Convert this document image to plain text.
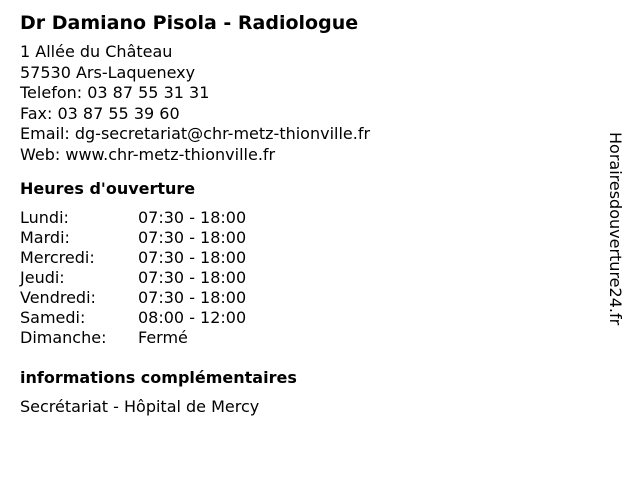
Dr Damiano Pisola - Radiologue
1 Allée du Château
57530 Ars-Laquenexy
Telefon: 03 87 55 31 31
Fax: 03 87 55 39 60
Email: dg-secretariat@chr-metz-thionville.fr
Web: www.chr-metz-thionville.fr
Heures d'ouverture
Lundi:	07:30 - 18:00
Mardi:	07:30 - 18:00
Mercredi:	07:30 - 18:00
Jeudi:	07:30 - 18:00
Vendredi:	07:30 - 18:00
Samedi:	08:00 - 12:00
Dimanche:	Fermé
informations complémentaires
Secrétariat - Hôpital de Mercy
Horairesdouverture24.fr
